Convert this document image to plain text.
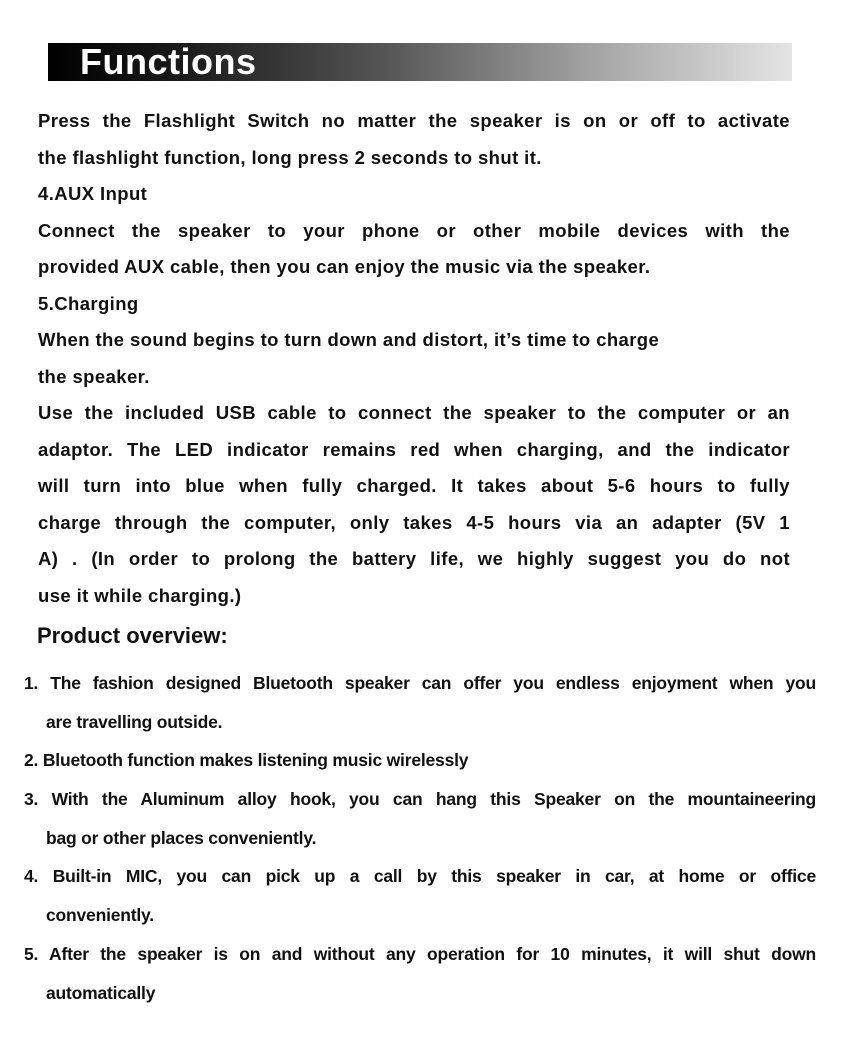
Functions
Press the Flashlight Switch no matter the speaker is on or off to activate
the flashlight function, long press 2 seconds to shut it.
4.AUX Input
Connect the speaker to your phone or other mobile devices with the
provided AUX cable, then you can enjoy the music via the speaker.
5.Charging
When the sound begins to turn down and distort, it’s time to charge
the speaker.
Use the included USB cable to connect the speaker to the computer or an
adaptor. The LED indicator remains red when charging, and the indicator
will turn into blue when fully charged. It takes about 5-6 hours to fully
charge through the computer, only takes 4-5 hours via an adapter (5V 1
A) . (In order to prolong the battery life, we highly suggest you do not
use it while charging.)
Product overview:
1. The fashion designed Bluetooth speaker can offer you endless enjoyment when you
are travelling outside.
2. Bluetooth function makes listening music wirelessly
3. With the Aluminum alloy hook, you can hang this Speaker on the mountaineering
bag or other places conveniently.
4. Built-in MIC, you can pick up a call by this speaker in car, at home or office
conveniently.
5. After the speaker is on and without any operation for 10 minutes, it will shut down
automatically
